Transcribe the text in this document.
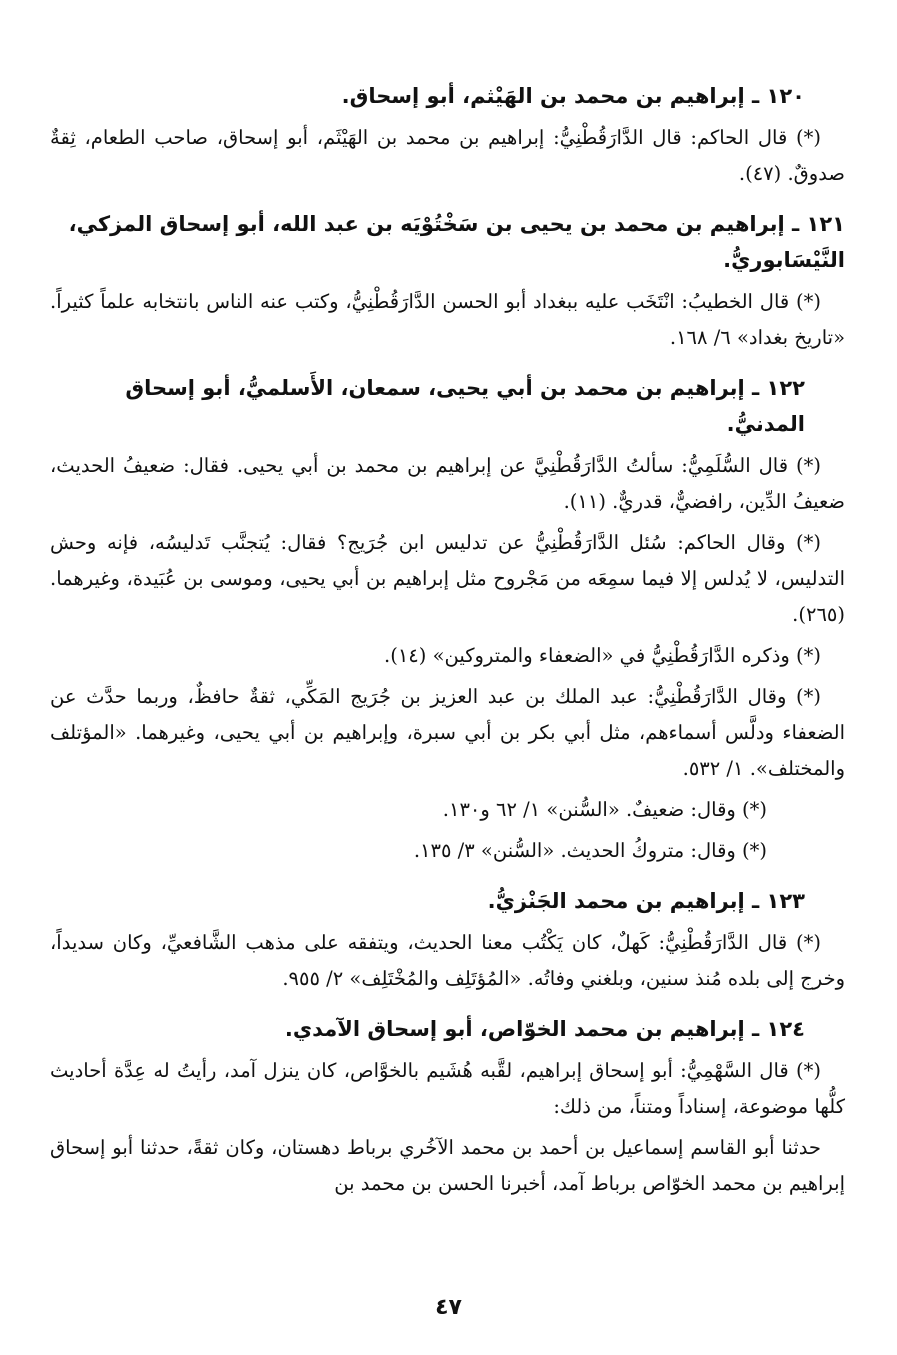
١٢٠ ـ إبراهيم بن محمد بن الهَيْثم، أبو إسحاق.

(*) قال الحاكم: قال الدَّارَقُطْنِيُّ: إبراهيم بن محمد بن الهَيْثَم، أبو إسحاق، صاحب الطعام، ثِقةٌ صدوقٌ. (٤٧).

١٢١ ـ إبراهيم بن محمد بن يحيى بن سَخْتُوْيَه بن عبد الله، أبو إسحاق المزكي، النَّيْسَابوريُّ.

(*) قال الخطيبُ: انْتَخَب عليه ببغداد أبو الحسن الدَّارَقُطْنِيُّ، وكتب عنه الناس بانتخابه علماً كثيراً. «تاريخ بغداد» ٦/ ١٦٨.

١٢٢ ـ إبراهيم بن محمد بن أبي يحيى، سمعان، الأَسلميُّ، أبو إسحاق المدنيُّ.

(*) قال السُّلَمِيُّ: سألتُ الدَّارَقُطْنِيَّ عن إبراهيم بن محمد بن أبي يحيى. فقال: ضعيفُ الحديث، ضعيفُ الدِّين، رافضيٌّ، قدريٌّ. (١١).

(*) وقال الحاكم: سُئل الدَّارَقُطْنِيُّ عن تدليس ابن جُرَيج؟ فقال: يُتجنَّب تَدليسُه، فإنه وحش التدليس، لا يُدلس إلا فيما سمِعَه من مَجْروح مثل إبراهيم بن أبي يحيى، وموسى بن عُبَيدة، وغيرهما. (٢٦٥).

(*) وذكره الدَّارَقُطْنِيُّ في «الضعفاء والمتروكين» (١٤).

(*) وقال الدَّارَقُطْنِيُّ: عبد الملك بن عبد العزيز بن جُرَيج المَكِّي، ثقةٌ حافظٌ، وربما حدَّث عن الضعفاء ودلَّس أسماءهم، مثل أبي بكر بن أبي سبرة، وإبراهيم بن أبي يحيى، وغيرهما. «المؤتلف والمختلف». ١/ ٥٣٢.

(*) وقال: ضعيفٌ. «السُّنن» ١/ ٦٢ و١٣٠.

(*) وقال: متروكُ الحديث. «السُّنن» ٣/ ١٣٥.

١٢٣ ـ إبراهيم بن محمد الجَنْزيُّ.

(*) قال الدَّارَقُطْنِيُّ: كَهلٌ، كان يَكْتُب معنا الحديث، ويتفقه على مذهب الشَّافعيِّ، وكان سديداً، وخرج إلى بلده مُنذ سنين، وبلغني وفاتُه. «المُؤتَلِف والمُخْتَلِف» ٢/ ٩٥٥.

١٢٤ ـ إبراهيم بن محمد الخوّاص، أبو إسحاق الآمدي.

(*) قال السَّهْمِيُّ: أبو إسحاق إبراهيم، لقَّبه هُشَيم بالخوَّاص، كان ينزل آمد، رأيتُ له عِدَّة أحاديث كلُّها موضوعة، إسناداً ومتناً، من ذلك:

حدثنا أبو القاسم إسماعيل بن أحمد بن محمد الآخُري برباط دهستان، وكان ثقةً، حدثنا أبو إسحاق إبراهيم بن محمد الخوّاص برباط آمد، أخبرنا الحسن بن محمد بن

٤٧
